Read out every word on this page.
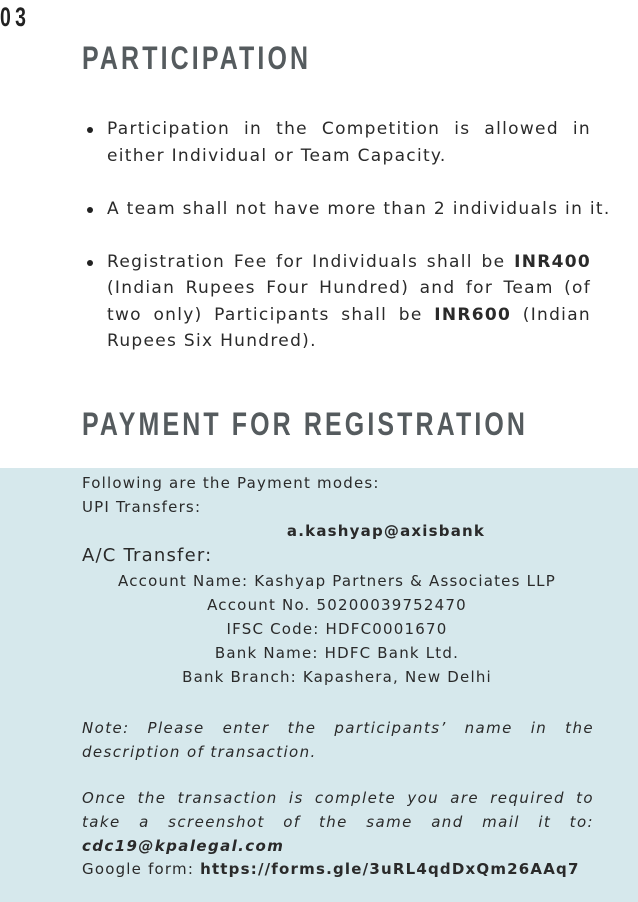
03
PARTICIPATION
Participation in the Competition is allowed in either Individual or Team Capacity.
A team shall not have more than 2 individuals in it.
Registration Fee for Individuals shall be INR400 (Indian Rupees Four Hundred) and for Team (of two only) Participants shall be INR600 (Indian Rupees Six Hundred).
PAYMENT FOR REGISTRATION
Following are the Payment modes:
UPI Transfers:
a.kashyap@axisbank
A/C Transfer:
Account Name: Kashyap Partners & Associates LLP
Account No. 50200039752470
IFSC Code: HDFC0001670
Bank Name: HDFC Bank Ltd.
Bank Branch: Kapashera, New Delhi
Note: Please enter the participants’ name in the description of transaction.
Once the transaction is complete you are required to take a screenshot of the same and mail it to: cdc19@kpalegal.com
Google form: https://forms.gle/3uRL4qdDxQm26AAq7
